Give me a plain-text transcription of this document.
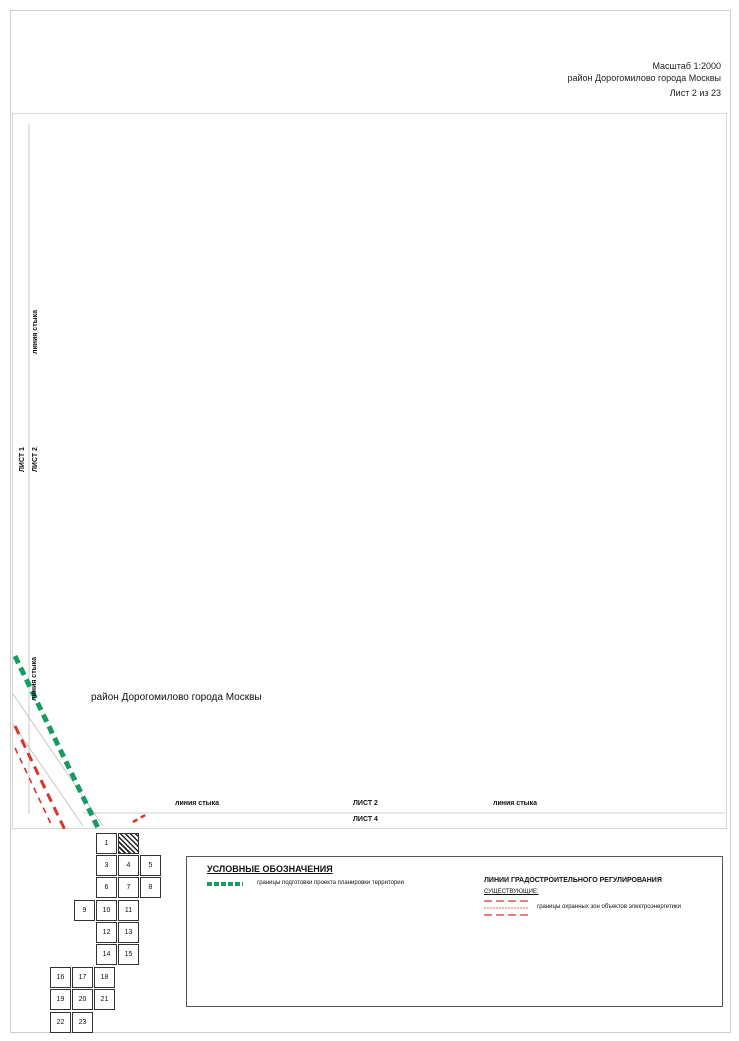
Масштаб 1:2000
район Дорогомилово города Москвы
Лист 2 из 23
линия стыка
ЛИСТ 1 ЛИСТ 2
линия стыка	район Дорогомилово города Москвы
линия стыка	ЛИСТ 2	линия стыка
ЛИСТ 4
1
3	4	5
6	7	8
9	10	11
12	13
14	15
16	17	18
19	20	21
22	23
УСЛОВНЫЕ ОБОЗНАЧЕНИЯ
границы подготовки проекта планировки территории	ЛИНИИ ГРАДОСТРОИТЕЛЬНОГО РЕГУЛИРОВАНИЯ
СУЩЕСТВУЮЩИЕ:
границы охранных зон объектов электроэнергетики
